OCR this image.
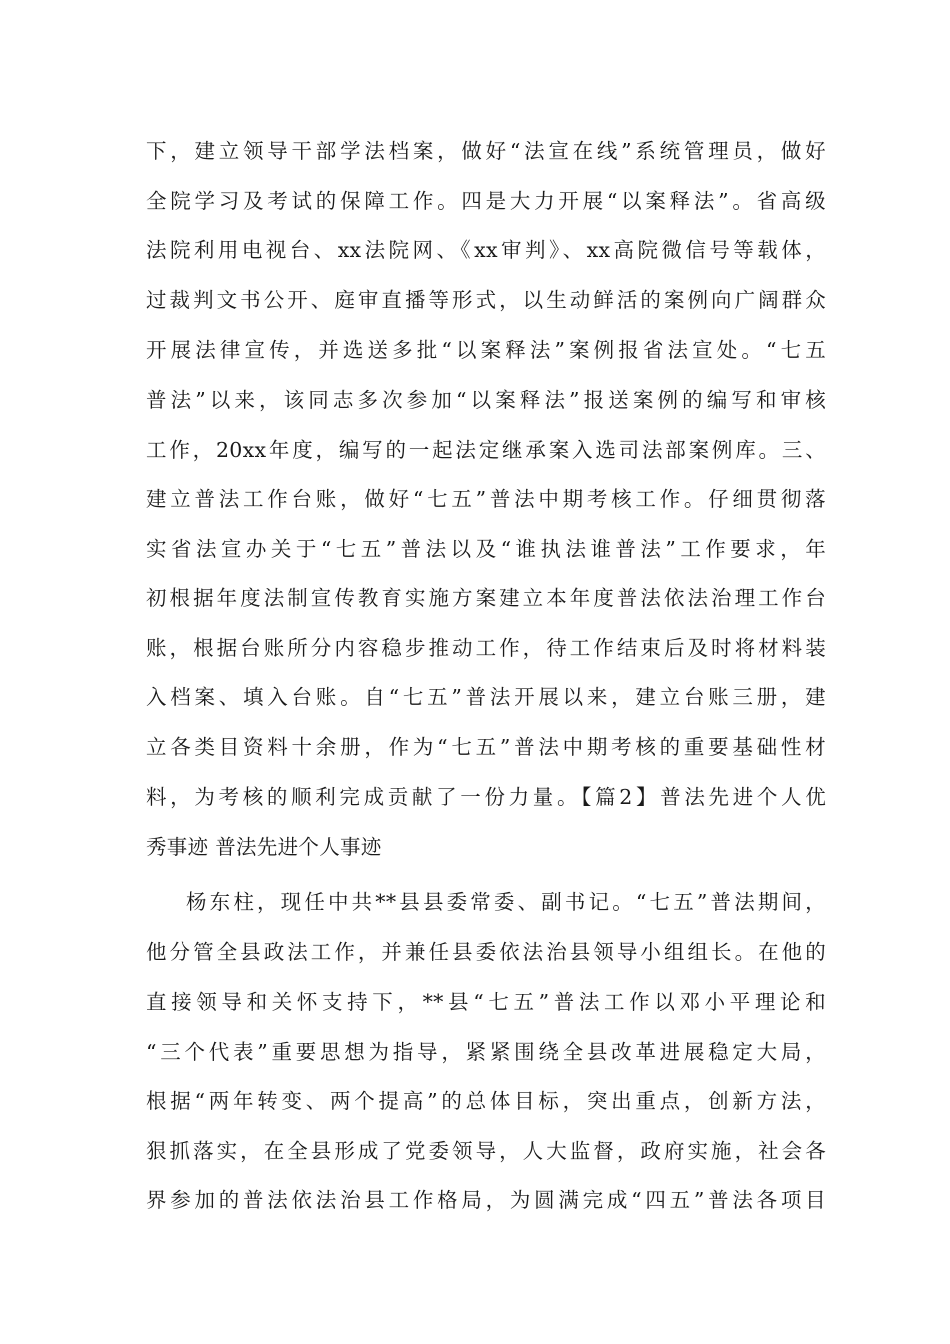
下，建立领导干部学法档案，做好“法宣在线”系统管理员，做好
全院学习及考试的保障工作。四是大力开展“以案释法”。省高级
法院利用电视台、xx法院网、《xx审判》、xx高院微信号等载体，
过裁判文书公开、庭审直播等形式，以生动鲜活的案例向广阔群众
开展法律宣传，并选送多批“以案释法”案例报省法宣处。“七五
普法”以来，该同志多次参加“以案释法”报送案例的编写和审核
工作，20xx年度，编写的一起法定继承案入选司法部案例库。三、
建立普法工作台账，做好“七五”普法中期考核工作。仔细贯彻落
实省法宣办关于“七五”普法以及“谁执法谁普法”工作要求，年
初根据年度法制宣传教育实施方案建立本年度普法依法治理工作台
账，根据台账所分内容稳步推动工作，待工作结束后及时将材料装
入档案、填入台账。自“七五”普法开展以来，建立台账三册，建
立各类目资料十余册，作为“七五”普法中期考核的重要基础性材
料，为考核的顺利完成贡献了一份力量。【篇2】普法先进个人优
秀事迹 普法先进个人事迹
杨东柱，现任中共**县县委常委、副书记。“七五”普法期间，
他分管全县政法工作，并兼任县委依法治县领导小组组长。在他的
直接领导和关怀支持下，**县“七五”普法工作以邓小平理论和
“三个代表”重要思想为指导，紧紧围绕全县改革进展稳定大局，
根据“两年转变、两个提高”的总体目标，突出重点，创新方法，
狠抓落实，在全县形成了党委领导，人大监督，政府实施，社会各
界参加的普法依法治县工作格局，为圆满完成“四五”普法各项目
